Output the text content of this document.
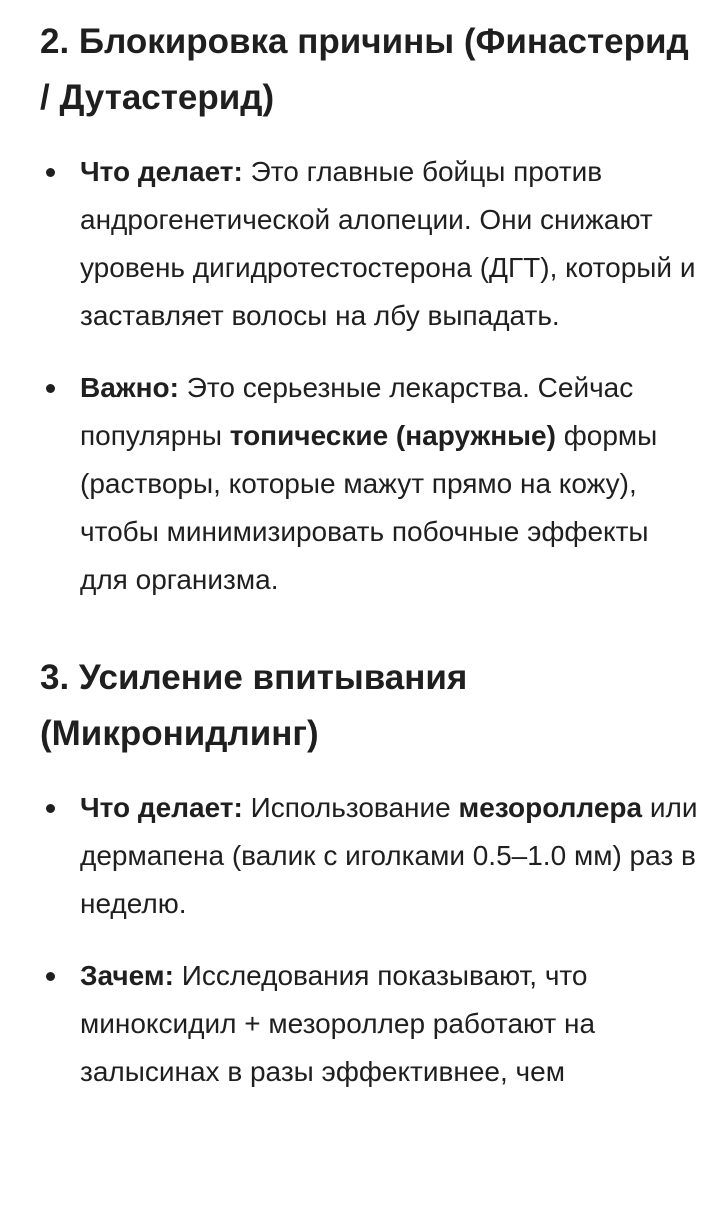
2. Блокировка причины (Финастерид / Дутастерид)
Что делает: Это главные бойцы против андрогенетической алопеции. Они снижают уровень дигидротестостерона (ДГТ), который и заставляет волосы на лбу выпадать.
Важно: Это серьезные лекарства. Сейчас популярны топические (наружные) формы (растворы, которые мажут прямо на кожу), чтобы минимизировать побочные эффекты для организма.
3. Усиление впитывания (Микронидлинг)
Что делает: Использование мезороллера или дермапена (валик с иголками 0.5–1.0 мм) раз в неделю.
Зачем: Исследования показывают, что миноксидил + мезороллер работают на залысинах в разы эффективнее, чем
